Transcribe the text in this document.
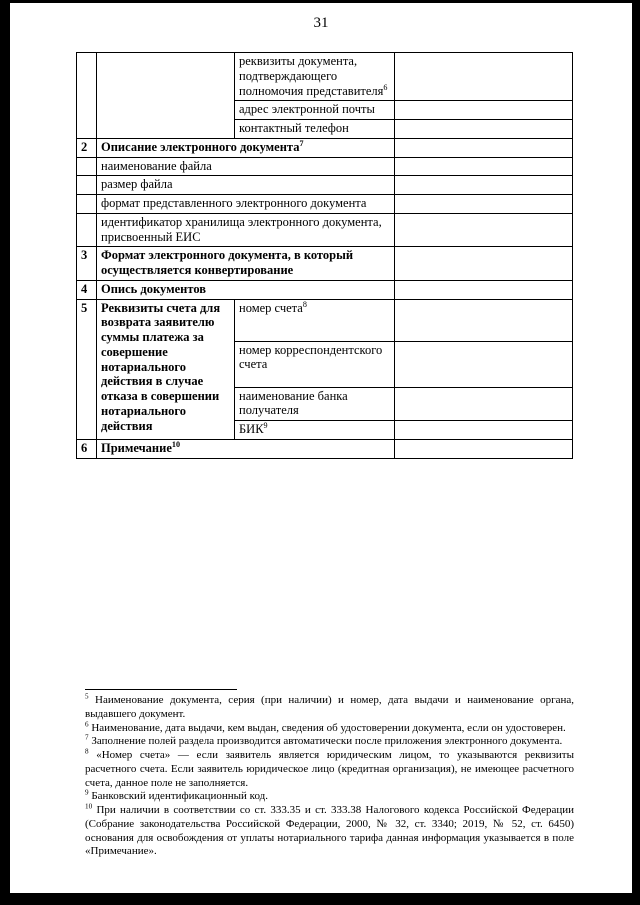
31
		реквизиты документа, подтверждающего полномочия представителя$^6$	
		адрес электронной почты	
		контактный телефон	
2	Описание электронного документа$^7$	
	наименование файла		
	размер файла		
	формат представленного электронного документа		
	идентификатор хранилища электронного документа, присвоенный ЕИС		
3	Формат электронного документа, в который осуществляется конвертирование		
4	Опись документов		
5	Реквизиты счета для возврата заявителю суммы платежа за совершение нотариального действия в случае отказа в совершении нотариального действия	номер счета$^8$	
		номер корреспондентского счета	
		наименование банка получателя	
		БИК$^9$	
6	Примечание$^{10}$	

$^5$ Наименование документа, серия (при наличии) и номер, дата выдачи и наименование органа, выдавшего документ.

$^6$ Наименование, дата выдачи, кем выдан, сведения об удостоверении документа, если он удостоверен.

$^7$ Заполнение полей раздела производится автоматически после приложения электронного документа.

$^8$ «Номер счета» — если заявитель является юридическим лицом, то указываются реквизиты расчетного счета. Если заявитель юридическое лицо (кредитная организация), не имеющее расчетного счета, данное поле не заполняется.

$^9$ Банковский идентификационный код.

$^{10}$ При наличии в соответствии со ст. 333.35 и ст. 333.38 Налогового кодекса Российской Федерации (Собрание законодательства Российской Федерации, 2000, № 32, ст. 3340; 2019, № 52, ст. 6450) основания для освобождения от уплаты нотариального тарифа данная информация указывается в поле «Примечание».
